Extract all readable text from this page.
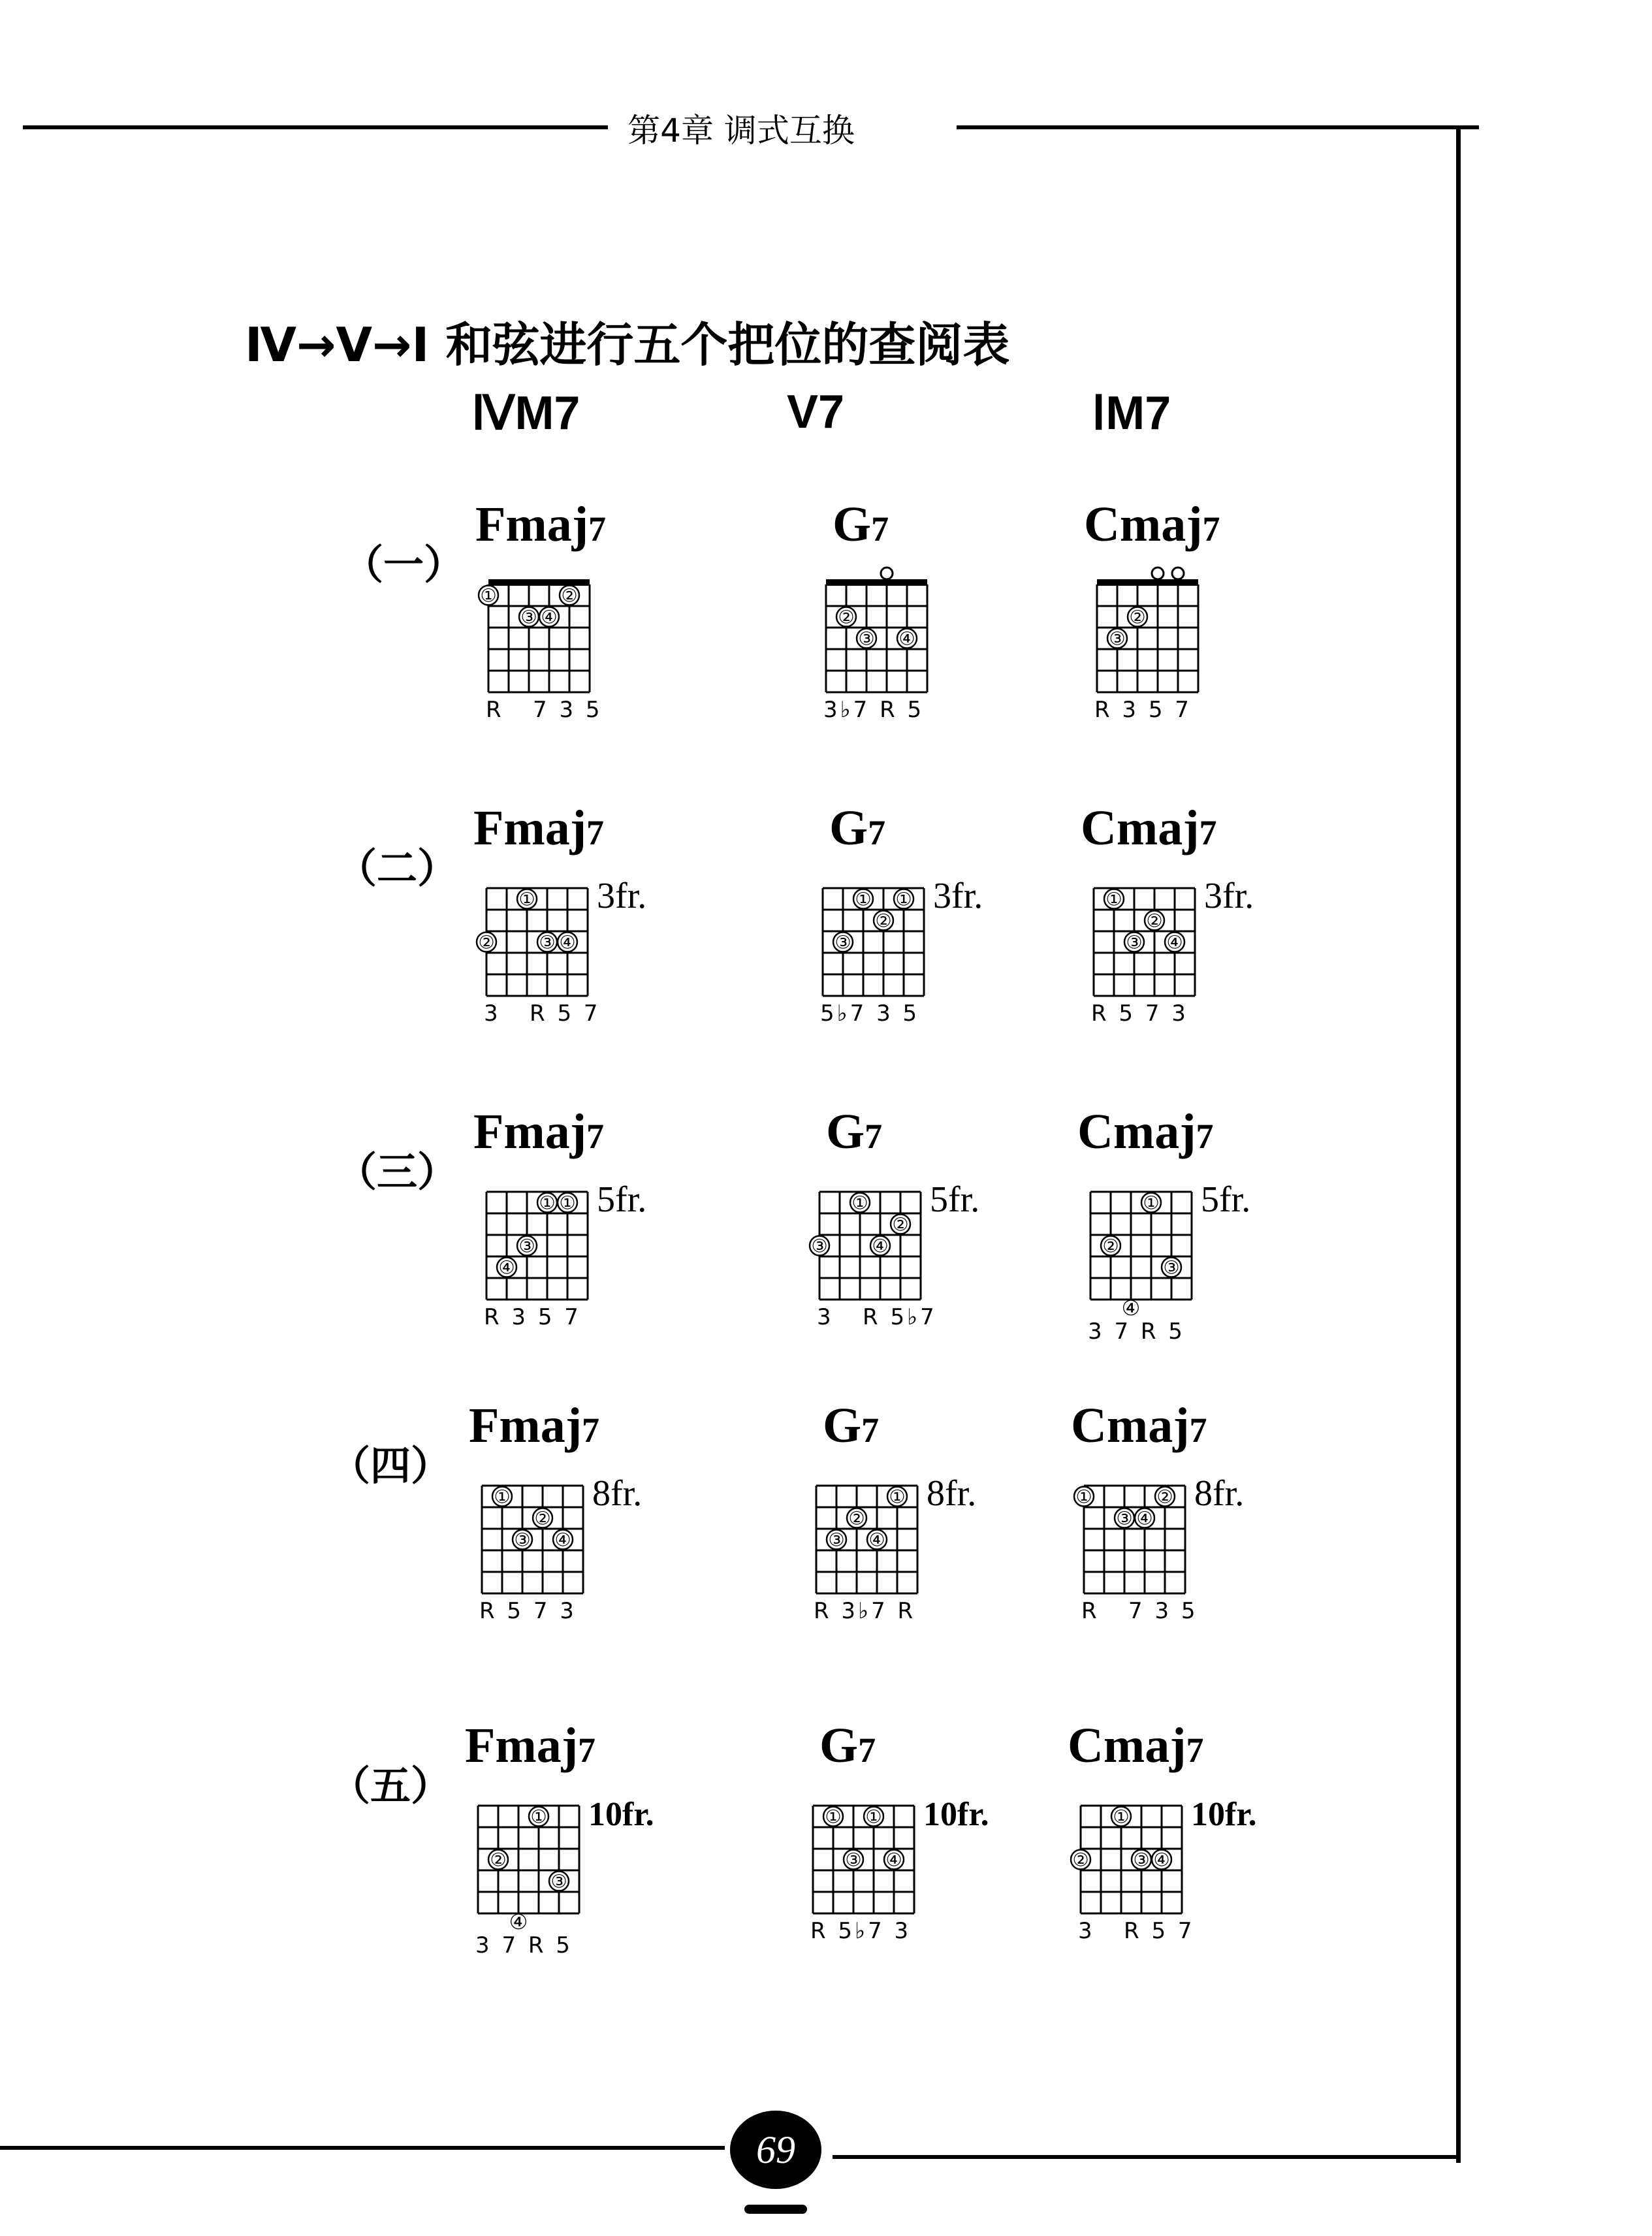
第4章 调式互换
Ⅳ→Ⅴ→Ⅰ 和弦进行五个把位的查阅表
ⅣM7	V7	ⅠM7
（一）
Fmaj7
①	②
③ ④
R   7 3 5
G7
②
③ ④
3♭7 R 5
Cmaj7
②
③
R 3 5 7
（二）
Fmaj7
①
② ③ ④
3fr.
3   R 5 7
G7
① ①
②
③
3fr.
5♭7 3 5
Cmaj7
①
②
③ ④
3fr.
R 5 7 3
（三）
Fmaj7
① ①
③
④
5fr.
R 3 5 7
G7
①
②
③ ④
5fr.
3   R 5♭7
Cmaj7
①
②
③
④
5fr.
3 7 R 5
（四）
Fmaj7
①
②
③ ④
8fr.
R 5 7 3
G7
①
②
③ ④
8fr.
R 3♭7 R
Cmaj7
①	②
③ ④
8fr.
R   7 3 5
（五）
Fmaj7
①
②
③
④
10fr.
3 7 R 5
G7
① ①
③ ④
10fr.
R 5♭7 3
Cmaj7
①
② ③ ④
10fr.
3   R 5 7
69
